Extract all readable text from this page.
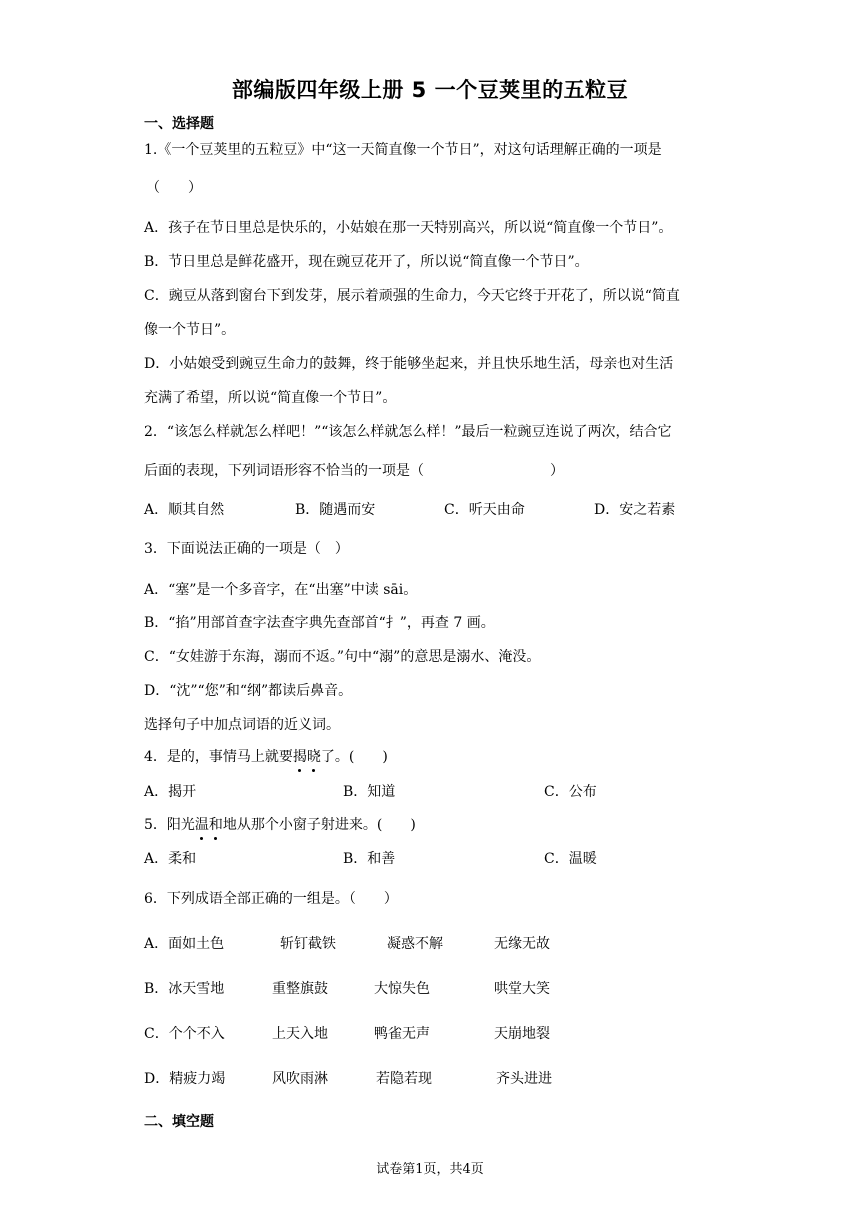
部编版四年级上册 5 一个豆荚里的五粒豆
一、选择题
1.《一个豆荚里的五粒豆》中“这一天简直像一个节日”，对这句话理解正确的一项是
（　　）
A．孩子在节日里总是快乐的，小姑娘在那一天特别高兴，所以说“简直像一个节日”。
B．节日里总是鲜花盛开，现在豌豆花开了，所以说“简直像一个节日”。
C．豌豆从落到窗台下到发芽，展示着顽强的生命力，今天它终于开花了，所以说“简直
像一个节日”。
D．小姑娘受到豌豆生命力的鼓舞，终于能够坐起来，并且快乐地生活，母亲也对生活
充满了希望，所以说“简直像一个节日”。
2．“该怎么样就怎么样吧！”“该怎么样就怎么样！”最后一粒豌豆连说了两次，结合它
后面的表现，下列词语形容不恰当的一项是（　　　　　　　　　）
A．顺其自然	B．随遇而安	C．听天由命	D．安之若素
3．下面说法正确的一项是（　）
A．“塞”是一个多音字，在“出塞”中读 sāi。
B．“掐”用部首查字法查字典先查部首“扌”，再查 7 画。
C．“女娃游于东海，溺而不返。”句中“溺”的意思是溺水、淹没。
D．“沈”“您”和“纲”都读后鼻音。
选择句子中加点词语的近义词。
4．是的，事情马上就要揭晓了。(　　)
A．揭开	B．知道	C．公布
5．阳光温和地从那个小窗子射进来。(　　)
A．柔和	B．和善	C．温暖
6．下列成语全部正确的一组是。（　　）
A．面如土色	斩钉截铁	凝惑不解	无缘无故
B．冰天雪地	重整旗鼓	大惊失色	哄堂大笑
C．个个不入	上天入地	鸭雀无声	天崩地裂
D．精疲力竭	风吹雨淋	若隐若现	齐头进进
二、填空题
试卷第1页，共4页
